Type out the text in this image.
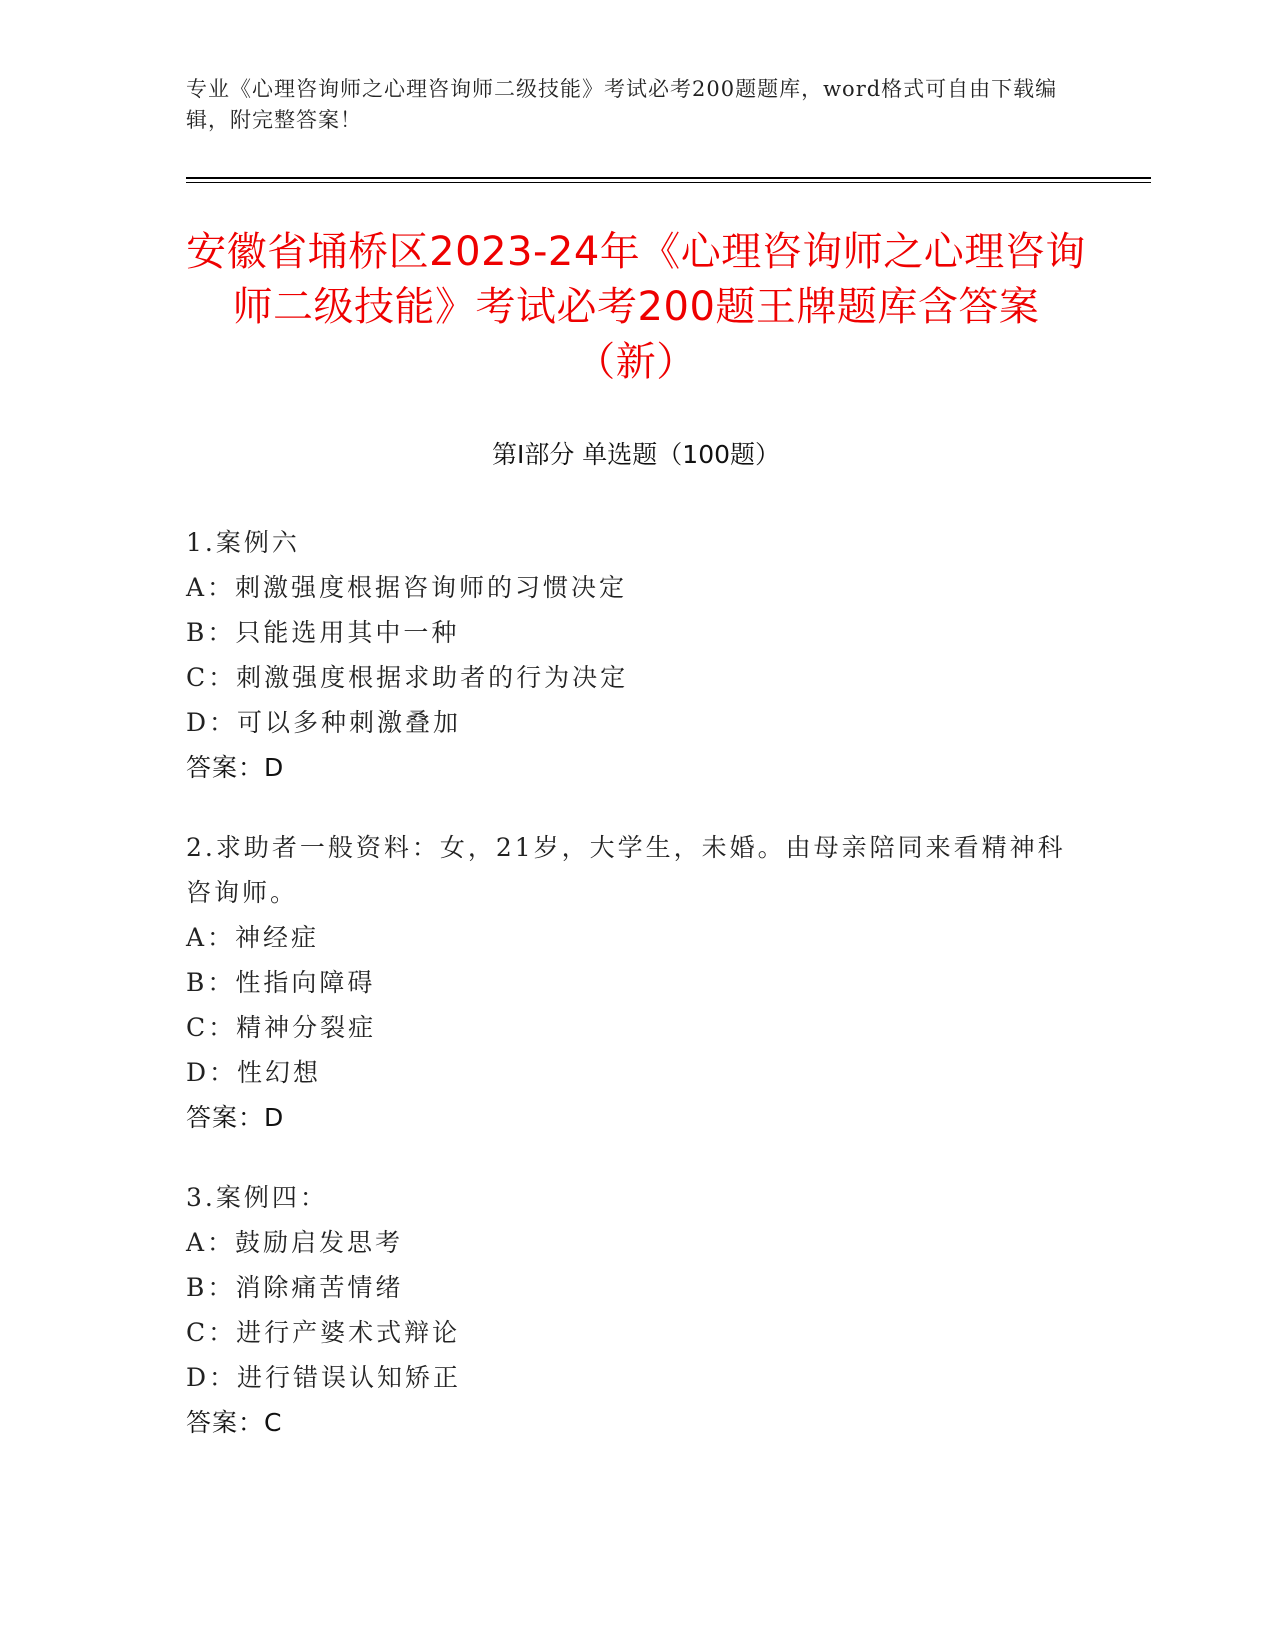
专业《心理咨询师之心理咨询师二级技能》考试必考200题题库，word格式可自由下载编辑，附完整答案！
安徽省埇桥区2023-24年《心理咨询师之心理咨询师二级技能》考试必考200题王牌题库含答案（新）
第I部分 单选题（100题）

1.案例六

A：刺激强度根据咨询师的习惯决定

B：只能选用其中一种

C：刺激强度根据求助者的行为决定

D：可以多种刺激叠加

答案：D

2.求助者一般资料：女，21岁，大学生，未婚。由母亲陪同来看精神科咨询师。

A：神经症

B：性指向障碍

C：精神分裂症

D：性幻想

答案：D

3.案例四：

A：鼓励启发思考

B：消除痛苦情绪

C：进行产婆术式辩论

D：进行错误认知矫正

答案：C
